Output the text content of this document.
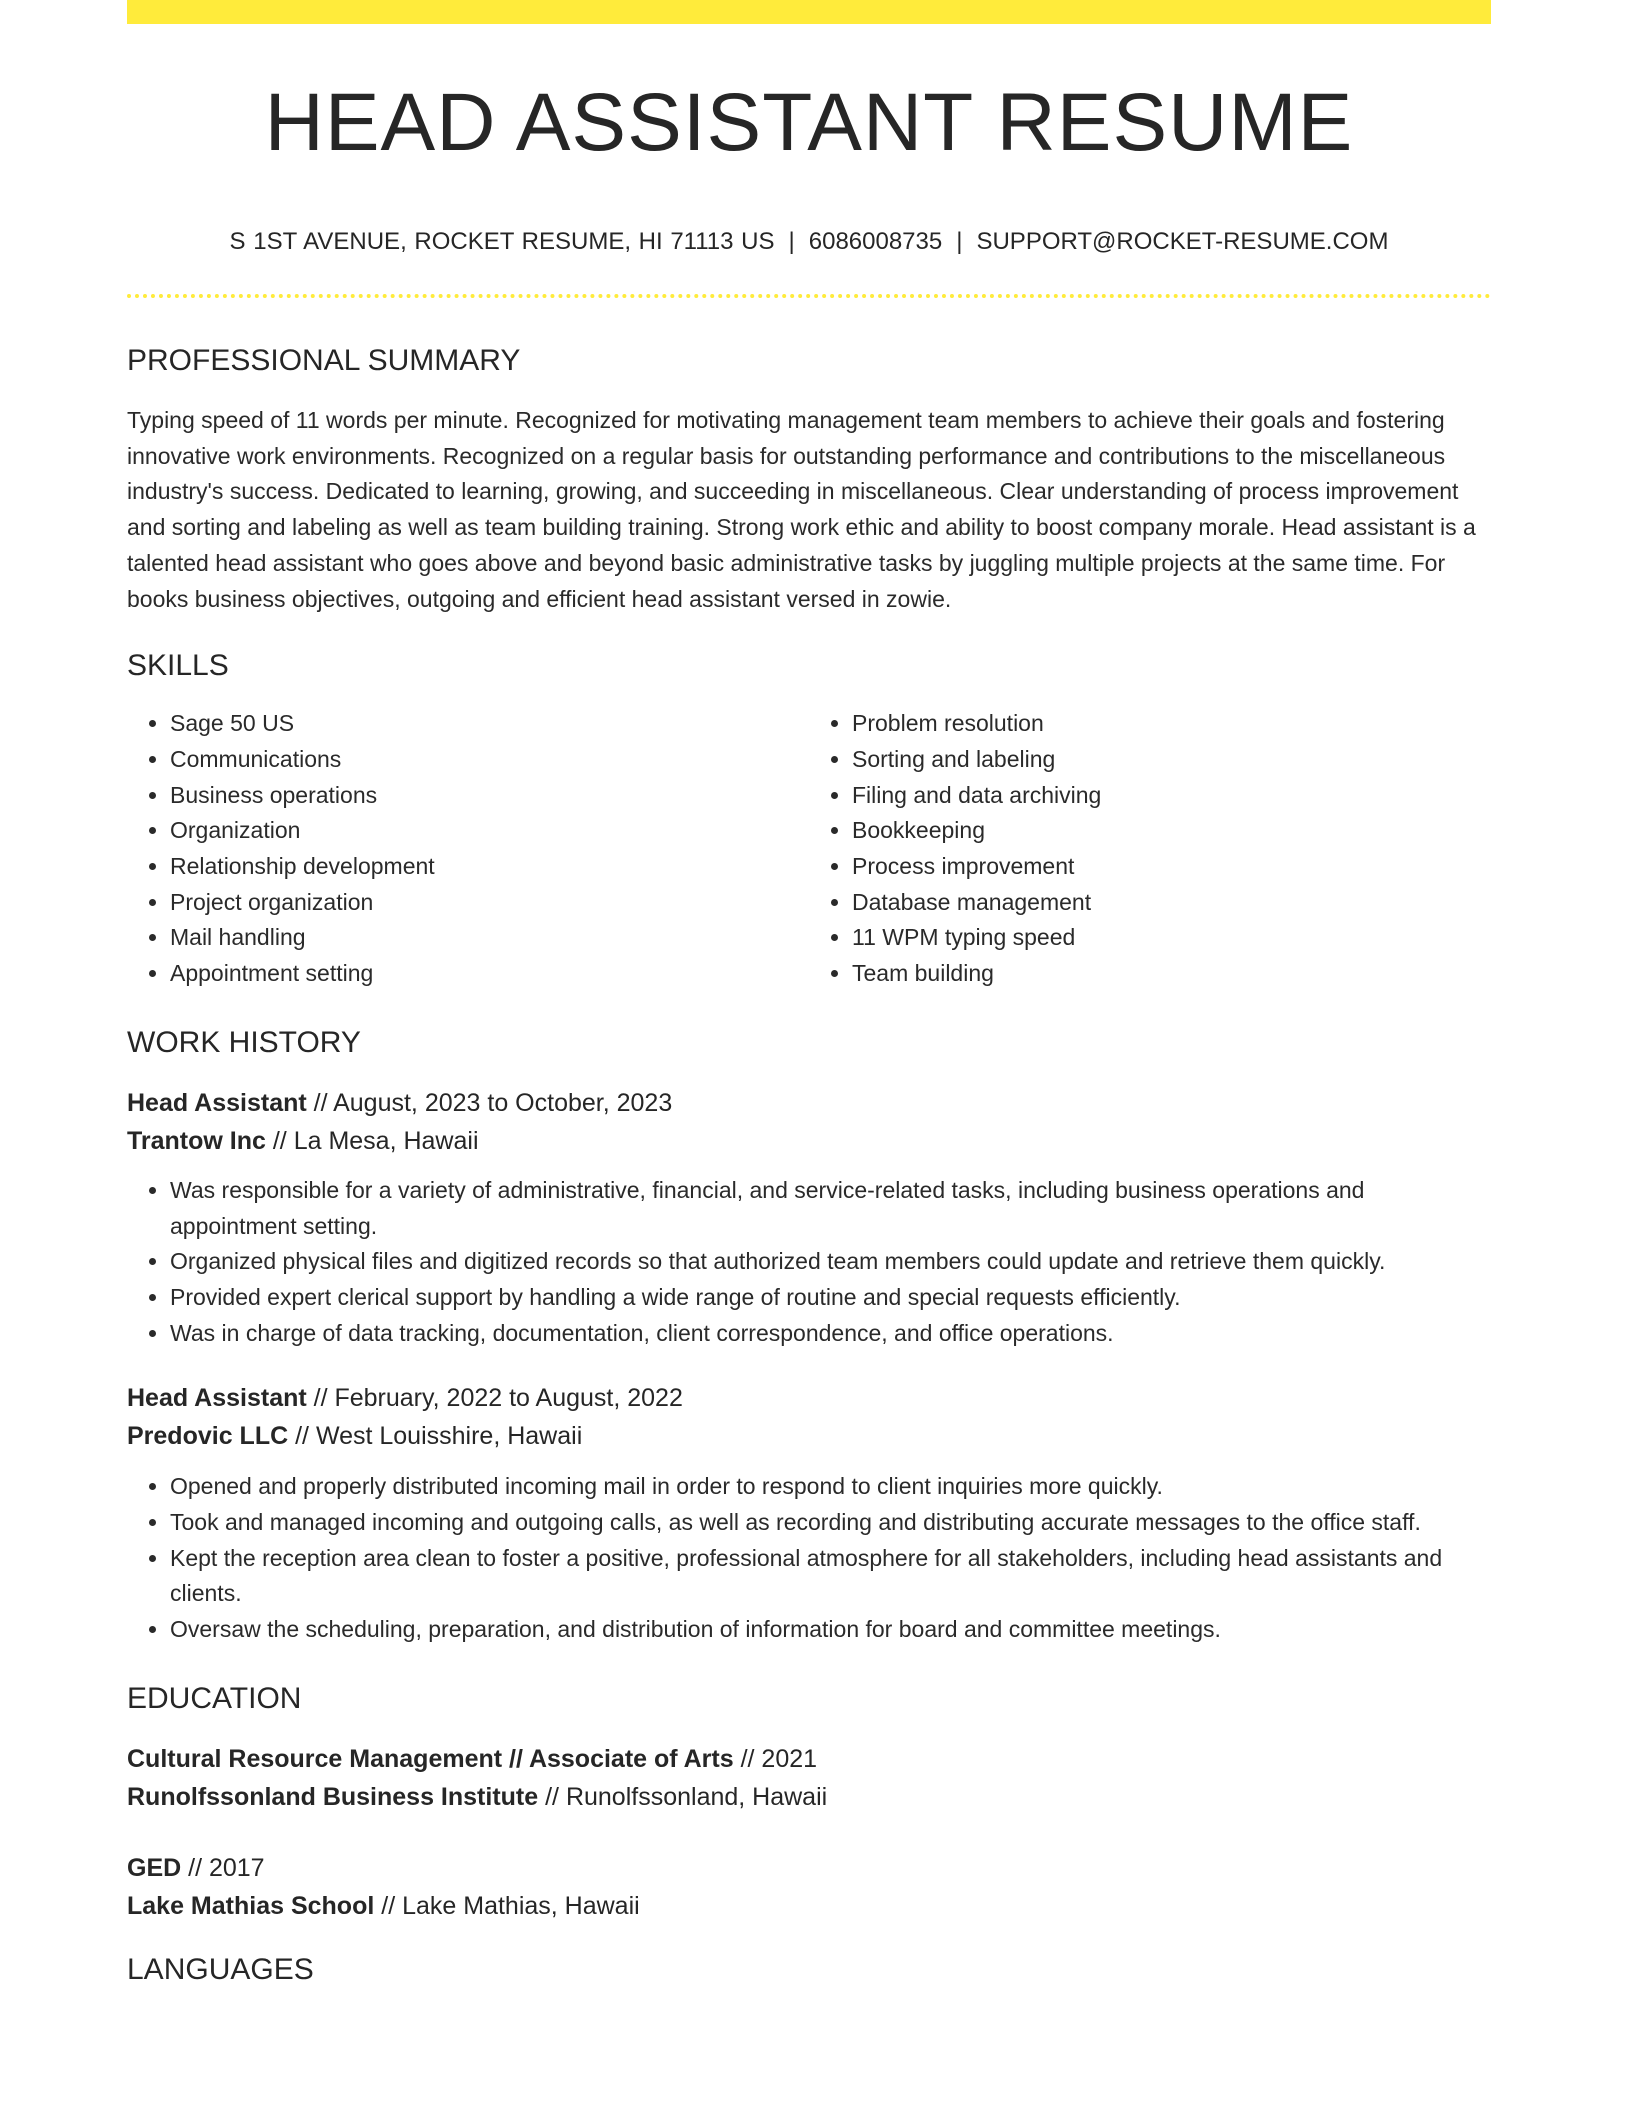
HEAD ASSISTANT RESUME
S 1ST AVENUE, ROCKET RESUME, HI 71113 US | 6086008735 | SUPPORT@ROCKET-RESUME.COM
PROFESSIONAL SUMMARY

Typing speed of 11 words per minute. Recognized for motivating management team members to achieve their goals and fostering innovative work environments. Recognized on a regular basis for outstanding performance and contributions to the miscellaneous industry's success. Dedicated to learning, growing, and succeeding in miscellaneous. Clear understanding of process improvement and sorting and labeling as well as team building training. Strong work ethic and ability to boost company morale. Head assistant is a talented head assistant who goes above and beyond basic administrative tasks by juggling multiple projects at the same time. For books business objectives, outgoing and efficient head assistant versed in zowie.

SKILLS
• Sage 50 US
• Communications
• Business operations
• Organization
• Relationship development
• Project organization
• Mail handling
• Appointment setting
• Problem resolution
• Sorting and labeling
• Filing and data archiving
• Bookkeeping
• Process improvement
• Database management
• 11 WPM typing speed
• Team building
WORK HISTORY
Head Assistant // August, 2023 to October, 2023
Trantow Inc // La Mesa, Hawaii
• Was responsible for a variety of administrative, financial, and service-related tasks, including business operations and appointment setting.
• Organized physical files and digitized records so that authorized team members could update and retrieve them quickly.
• Provided expert clerical support by handling a wide range of routine and special requests efficiently.
• Was in charge of data tracking, documentation, client correspondence, and office operations.
Head Assistant // February, 2022 to August, 2022
Predovic LLC // West Louisshire, Hawaii
• Opened and properly distributed incoming mail in order to respond to client inquiries more quickly.
• Took and managed incoming and outgoing calls, as well as recording and distributing accurate messages to the office staff.
• Kept the reception area clean to foster a positive, professional atmosphere for all stakeholders, including head assistants and clients.
• Oversaw the scheduling, preparation, and distribution of information for board and committee meetings.
EDUCATION
Cultural Resource Management // Associate of Arts // 2021
Runolfssonland Business Institute // Runolfssonland, Hawaii
GED // 2017
Lake Mathias School // Lake Mathias, Hawaii
LANGUAGES
